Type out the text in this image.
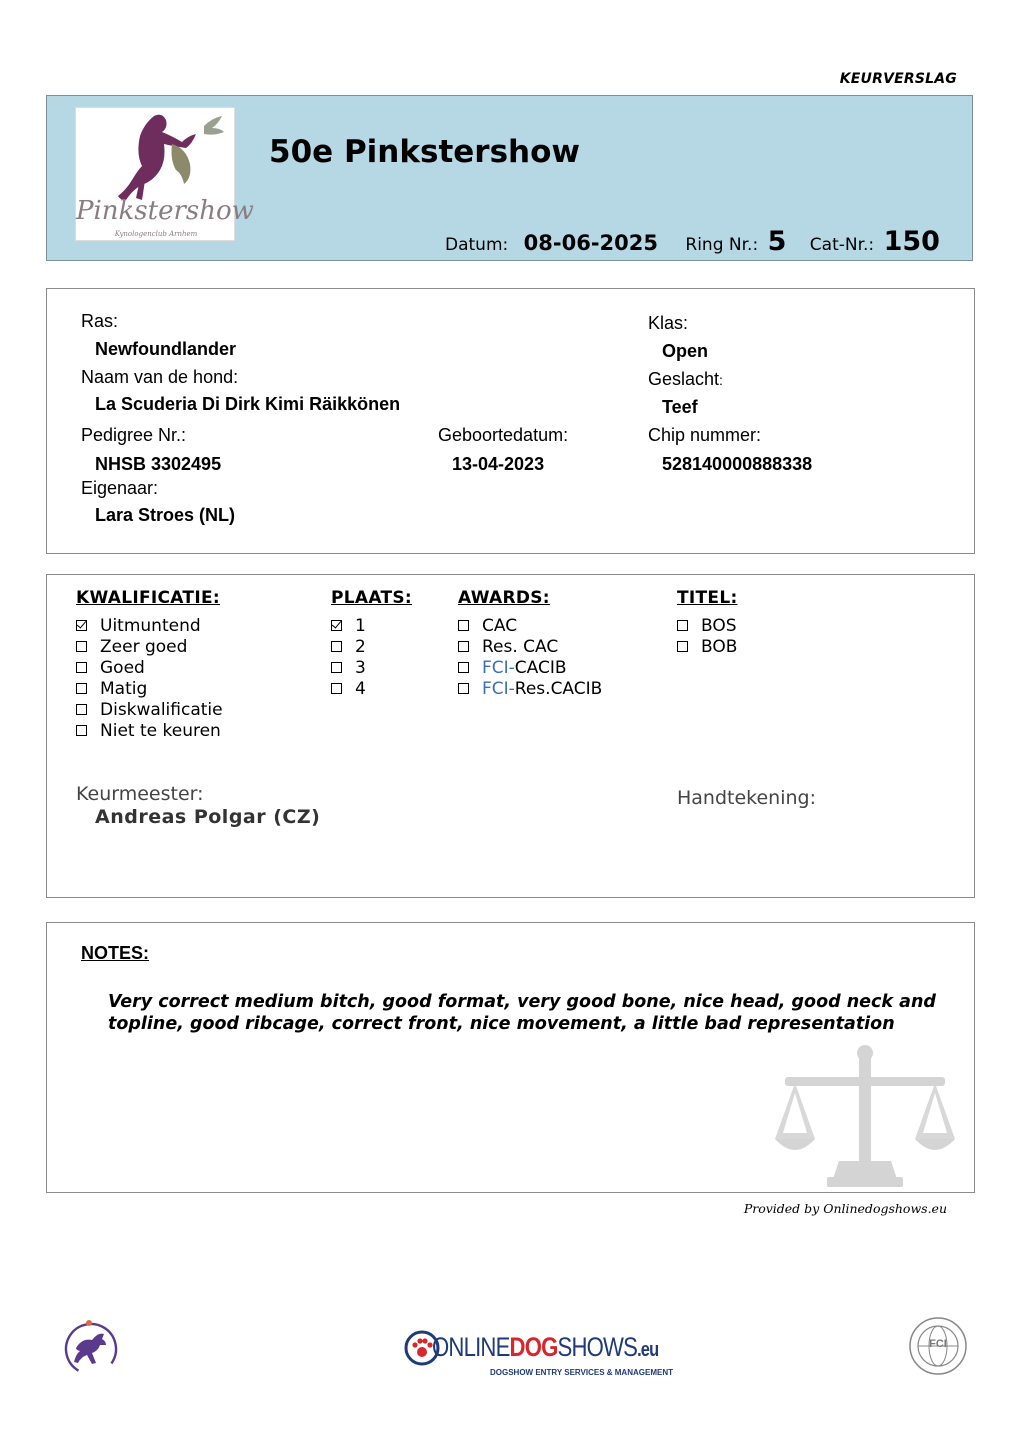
KEURVERSLAG
Pinkstershow
Kynologenclub Arnhem
50e Pinkstershow
Datum: 08-06-2025 Ring Nr.: 5 Cat-Nr.: 150
Ras:
Newfoundlander
Naam van de hond:
La Scuderia Di Dirk Kimi Räikkönen
Pedigree Nr.:
NHSB 3302495
Geboortedatum:
13-04-2023
Eigenaar:
Lara Stroes (NL)
Klas:
Open
Geslacht:
Teef
Chip nummer:
528140000888338
KWALIFICATIE:
Uitmuntend
Zeer goed
Goed
Matig
Diskwalificatie
Niet te keuren
PLAATS:
1
2
3
4
AWARDS:
CAC
Res. CAC
FCI-CACIB
FCI-Res.CACIB
TITEL:
BOS
BOB
Keurmeester:
Andreas Polgar (CZ)
Handtekening:
NOTES:
Very correct medium bitch, good format, very good bone, nice head, good neck and
topline, good ribcage, correct front, nice movement, a little bad representation
Provided by Onlinedogshows.eu
ONLINEDOGSHOWS.eu
DOGSHOW ENTRY SERVICES & MANAGEMENT
FCI
